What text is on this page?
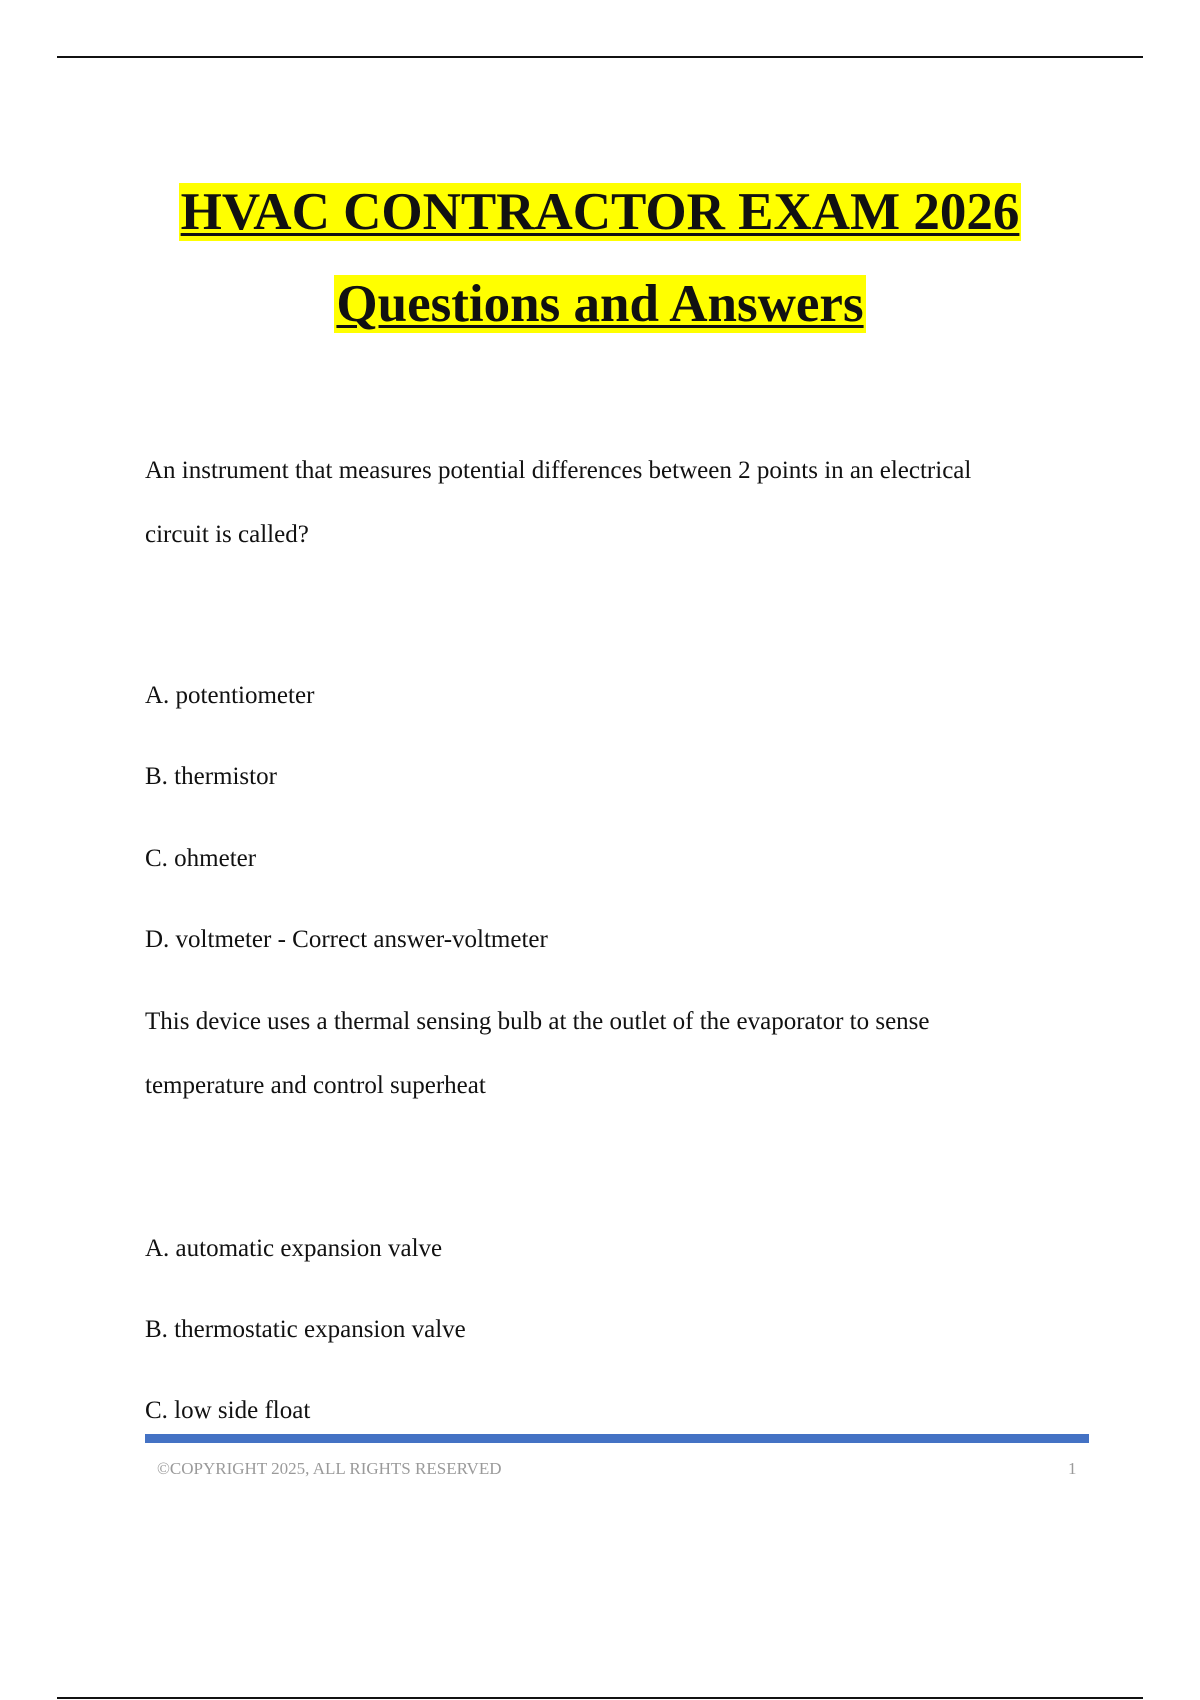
HVAC CONTRACTOR EXAM 2026
Questions and Answers
An instrument that measures potential differences between 2 points in an electrical
circuit is called?
A. potentiometer
B. thermistor
C. ohmeter
D. voltmeter - Correct answer-voltmeter
This device uses a thermal sensing bulb at the outlet of the evaporator to sense
temperature and control superheat
A. automatic expansion valve
B. thermostatic expansion valve
C. low side float
©COPYRIGHT 2025, ALL RIGHTS RESERVED	1
